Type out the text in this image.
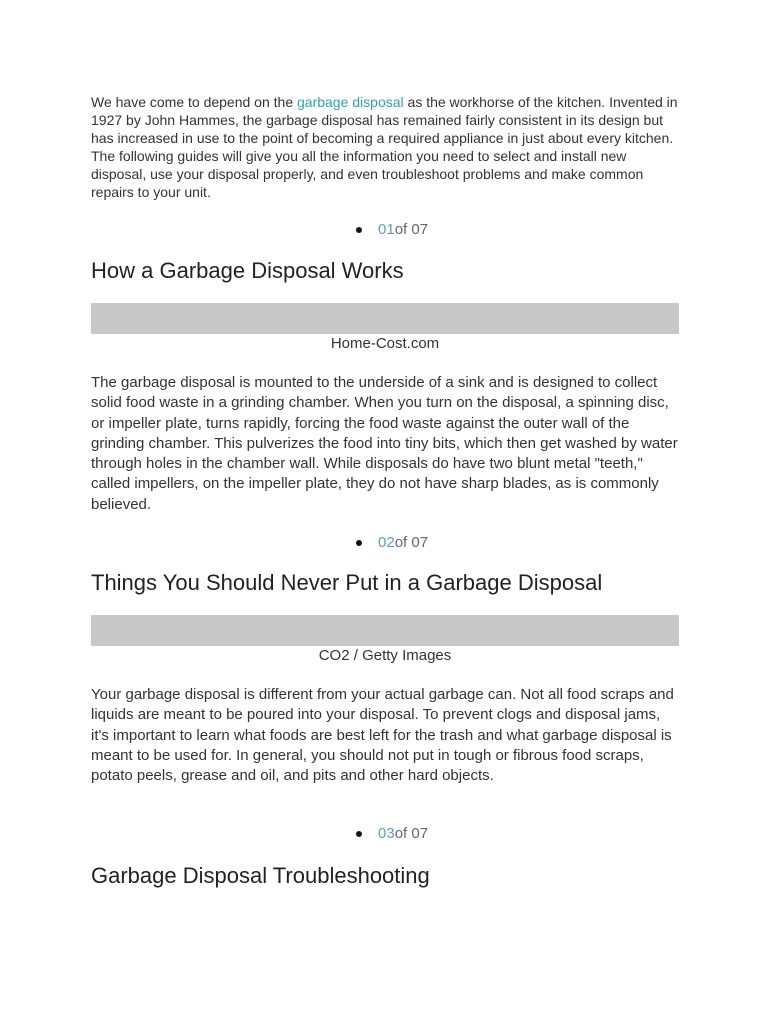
We have come to depend on the garbage disposal as the workhorse of the kitchen. Invented in 1927 by John Hammes, the garbage disposal has remained fairly consistent in its design but has increased in use to the point of becoming a required appliance in just about every kitchen. The following guides will give you all the information you need to select and install new disposal, use your disposal properly, and even troubleshoot problems and make common repairs to your unit.

01 of 07
How a Garbage Disposal Works
Home-Cost.com

The garbage disposal is mounted to the underside of a sink and is designed to collect solid food waste in a grinding chamber. When you turn on the disposal, a spinning disc, or impeller plate, turns rapidly, forcing the food waste against the outer wall of the grinding chamber. This pulverizes the food into tiny bits, which then get washed by water through holes in the chamber wall. While disposals do have two blunt metal "teeth," called impellers, on the impeller plate, they do not have sharp blades, as is commonly believed.

02 of 07
Things You Should Never Put in a Garbage Disposal
CO2 / Getty Images

Your garbage disposal is different from your actual garbage can. Not all food scraps and liquids are meant to be poured into your disposal. To prevent clogs and disposal jams, it's important to learn what foods are best left for the trash and what garbage disposal is meant to be used for. In general, you should not put in tough or fibrous food scraps, potato peels, grease and oil, and pits and other hard objects.

03 of 07
Garbage Disposal Troubleshooting
